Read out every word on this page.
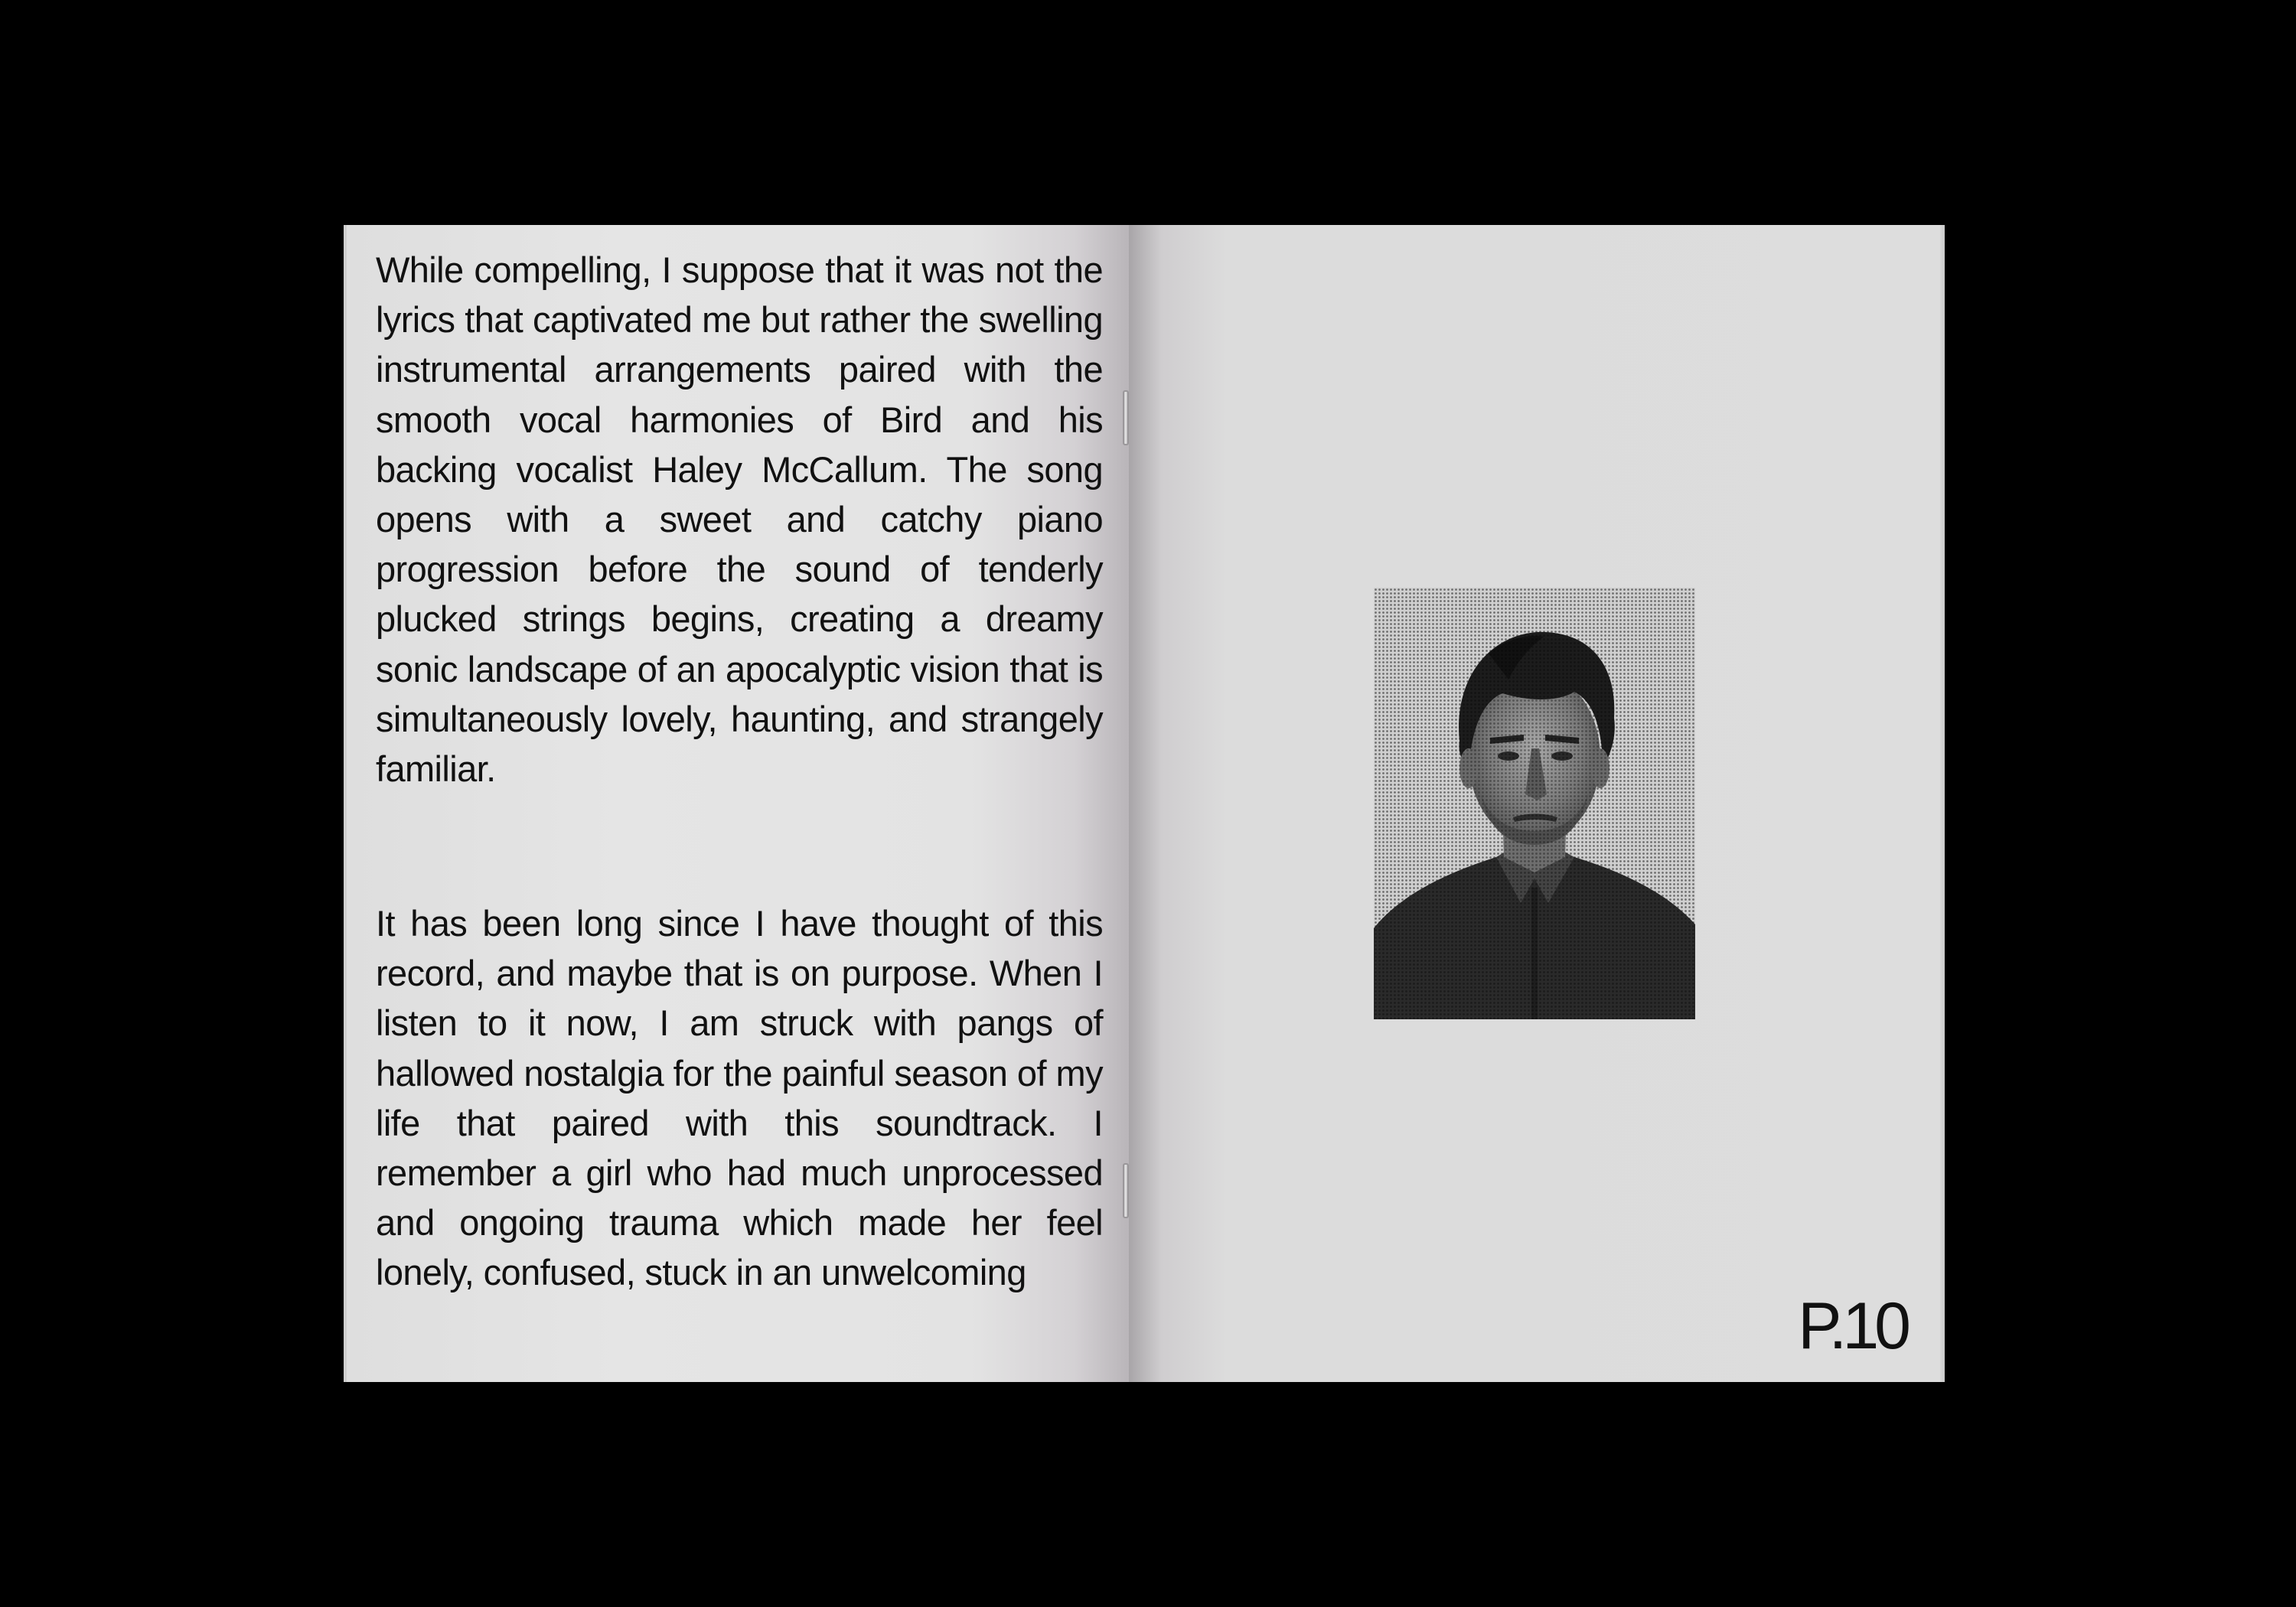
While compelling, I suppose that it was not the lyrics that captivated me but rather the swelling instrumental arrangements paired with the smooth vocal harmonies of Bird and his backing vocalist Haley McCallum. The song opens with a sweet and catchy piano progression before the sound of tenderly plucked strings begins, creating a dreamy sonic landscape of an apocalyptic vision that is simultaneously lovely, haunting, and strangely familiar.

It has been long since I have thought of this record, and maybe that is on purpose. When I listen to it now, I am struck with pangs of hallowed nostalgia for the painful season of my life that paired with this soundtrack. I remember a girl who had much unprocessed and ongoing trauma which made her feel lonely, confused, stuck in an unwelcoming

P.10
